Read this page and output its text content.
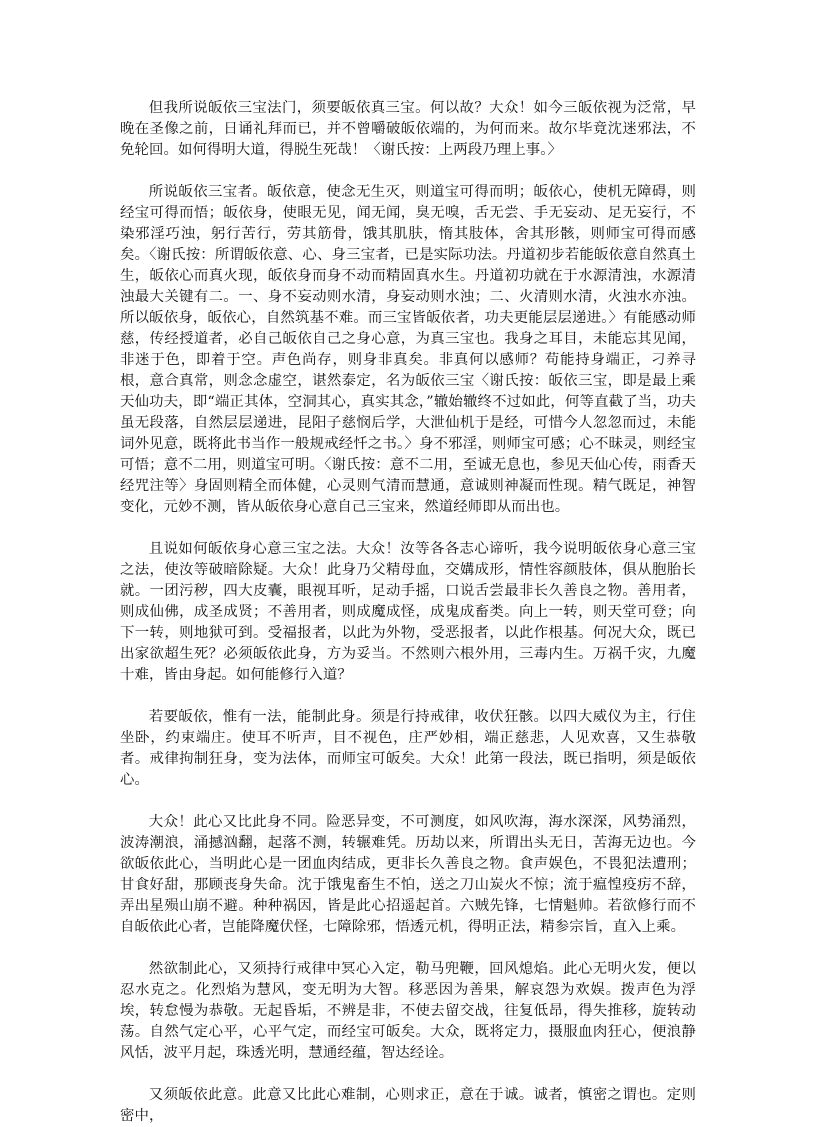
但我所说皈依三宝法门，须要皈依真三宝。何以故？大众！如今三皈依视为泛常，早晚在圣像之前，日诵礼拜而已，并不曾嚼破皈依端的，为何而来。故尔毕竟沈迷邪法，不免轮回。如何得明大道，得脱生死哉！〈谢氏按：上两段乃理上事。〉

所说皈依三宝者。皈依意，使念无生灭，则道宝可得而明；皈依心，使机无障碍，则经宝可得而悟；皈依身，使眼无见，闻无闻，臭无嗅，舌无尝、手无妄动、足无妄行，不染邪淫巧浊，躬行苦行，劳其筋骨，饿其肌肤，惰其肢体，舍其形骸，则师宝可得而感矣。〈谢氏按：所谓皈依意、心、身三宝者，已是实际功法。丹道初步若能皈依意自然真土生，皈依心而真火现，皈依身而身不动而精固真水生。丹道初功就在于水源清浊，水源清浊最大关键有二。一、身不妄动则水清，身妄动则水浊；二、火清则水清，火浊水亦浊。所以皈依身，皈依心，自然筑基不难。而三宝皆皈依者，功夫更能层层递进。〉有能感动师慈，传经授道者，必自己皈依自己之身心意，为真三宝也。我身之耳目，未能忘其见闻，非迷于色，即着于空。声色尚存，则身非真矣。非真何以感师？苟能持身端正，刁养寻根，意合真常，则念念虚空，谌然泰定，名为皈依三宝〈谢氏按：皈依三宝，即是最上乘天仙功夫，即“端正其体，空洞其心，真实其念，”辙始辙终不过如此，何等直截了当，功夫虽无段落，自然层层递进，昆阳子慈悯后学，大泄仙机于是经，可惜今人忽忽而过，未能词外见意，既将此书当作一般规戒经忏之书。〉身不邪淫，则师宝可感；心不昧灵，则经宝可悟；意不二用，则道宝可明。〈谢氏按：意不二用，至诚无息也，参见天仙心传，雨香天经咒注等〉身固则精全而体健，心灵则气清而慧通，意诚则神凝而性现。精气既足，神智变化，元妙不测，皆从皈依身心意自己三宝来，然道经师即从而出也。

且说如何皈依身心意三宝之法。大众！汝等各各志心谛听，我今说明皈依身心意三宝之法，使汝等破暗除疑。大众！此身乃父精母血，交媾成形，情性容颜肢体，俱从胞胎长就。一团污秽，四大皮囊，眼视耳听，足动手摇，口说舌尝最非长久善良之物。善用者，则成仙佛，成圣成贤；不善用者，则成魔成怪，成鬼成畜类。向上一转，则天堂可登；向下一转，则地狱可到。受福报者，以此为外物，受恶报者，以此作根基。何况大众，既已出家欲超生死？必须皈依此身，方为妥当。不然则六根外用，三毒内生。万祸千灾，九魔十难，皆由身起。如何能修行入道？

若要皈依，惟有一法，能制此身。须是行持戒律，收伏狂骸。以四大威仪为主，行住坐卧，约束端庄。使耳不听声，目不视色，庄严妙相，端正慈悲，人见欢喜，又生恭敬者。戒律拘制狂身，变为法体，而师宝可皈矣。大众！此第一段法，既已指明，须是皈依心。

大众！此心又比此身不同。险恶异变，不可测度，如风吹海，海水深深，风势涌烈，波涛潮浪，涌撼汹翻，起落不测，转辗难凭。历劫以来，所谓出头无日，苦海无边也。今欲皈依此心，当明此心是一团血肉结成，更非长久善良之物。食声娱色，不畏犯法遭刑；甘食好甜，那顾丧身失命。沈于饿鬼畜生不怕，送之刀山炭火不惊；流于瘟惶疫疠不辞，弄出星殒山崩不避。种种祸因，皆是此心招遥起首。六贼先锋，七情魁帅。若欲修行而不自皈依此心者，岂能降魔伏怪，七障除邪，悟透元机，得明正法，精参宗旨，直入上乘。

然欲制此心，又须持行戒律中冥心入定，勒马兜鞭，回风熄焰。此心无明火发，便以忍水克之。化烈焰为慧风，变无明为大智。移恶因为善果，解哀怨为欢娱。拨声色为浮埃，转怠慢为恭敬。无起昏垢，不辨是非，不使去留交战，往复低昂，得失推移，旋转动荡。自然气定心平，心平气定，而经宝可皈矣。大众，既将定力，摄服血肉狂心，便浪静风恬，波平月起，珠透光明，慧通经蕴，智达经诠。

又须皈依此意。此意又比此心难制，心则求正，意在于诚。诚者，慎密之谓也。定则密中，
